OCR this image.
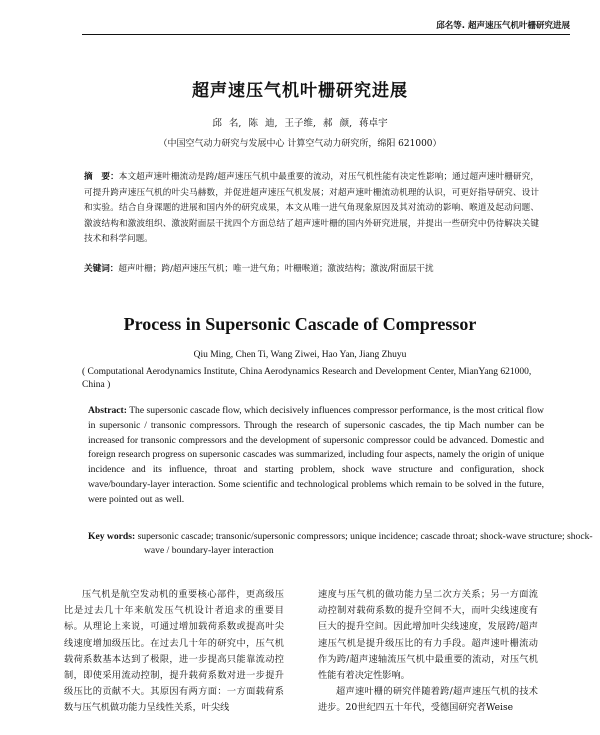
邱名等. 超声速压气机叶栅研究进展
超声速压气机叶栅研究进展
邱 名, 陈 迪, 王子维, 郝 颜, 蒋卓宇
（中国空气动力研究与发展中心 计算空气动力研究所，绵阳 621000）
摘　要：本文超声速叶栅流动是跨/超声速压气机中最重要的流动，对压气机性能有决定性影响；通过超声速叶栅研究，可提升跨声速压气机的叶尖马赫数，并促进超声速压气机发展；对超声速叶栅流动机理的认识，可更好指导研究、设计和实验。结合自身课题的进展和国内外的研究成果，本文从唯一进气角现象原因及其对流动的影响、喉道及起动问题、激波结构和激波组织、激波附面层干扰四个方面总结了超声速叶栅的国内外研究进展，并提出一些研究中仍待解决关键技术和科学问题。
关键词：超声叶栅；跨/超声速压气机；唯一进气角；叶栅喉道；激波结构；激波/附面层干扰
Process in Supersonic Cascade of Compressor
Qiu Ming, Chen Ti, Wang Ziwei, Hao Yan, Jiang Zhuyu
( Computational Aerodynamics Institute, China Aerodynamics Research and Development Center, MianYang 621000, China )
Abstract: The supersonic cascade flow, which decisively influences compressor performance, is the most critical flow in supersonic / transonic compressors. Through the research of supersonic cascades, the tip Mach number can be increased for transonic compressors and the development of supersonic compressor could be advanced. Domestic and foreign research progress on supersonic cascades was summarized, including four aspects, namely the origin of unique incidence and its influence, throat and starting problem, shock wave structure and configuration, shock wave/boundary-layer interaction. Some scientific and technological problems which remain to be solved in the future, were pointed out as well.
Key words: supersonic cascade; transonic/supersonic compressors; unique incidence; cascade throat; shock-wave structure; shock-wave / boundary-layer interaction
压气机是航空发动机的重要核心部件，更高级压比是过去几十年来航发压气机设计者追求的重要目标。从理论上来说，可通过增加载荷系数或提高叶尖线速度增加级压比。在过去几十年的研究中，压气机载荷系数基本达到了极限，进一步提高只能靠流动控制，即使采用流动控制，提升载荷系数对进一步提升级压比的贡献不大。其原因有两方面：一方面载荷系数与压气机做功能力呈线性关系，叶尖线

速度与压气机的做功能力呈二次方关系；另一方面流动控制对载荷系数的提升空间不大，而叶尖线速度有巨大的提升空间。因此增加叶尖线速度，发展跨/超声速压气机是提升级压比的有力手段。超声速叶栅流动作为跨/超声速轴流压气机中最重要的流动，对压气机性能有着决定性影响。

超声速叶栅的研究伴随着跨/超声速压气机的技术进步。20世纪四五十年代，受德国研究者Weise
